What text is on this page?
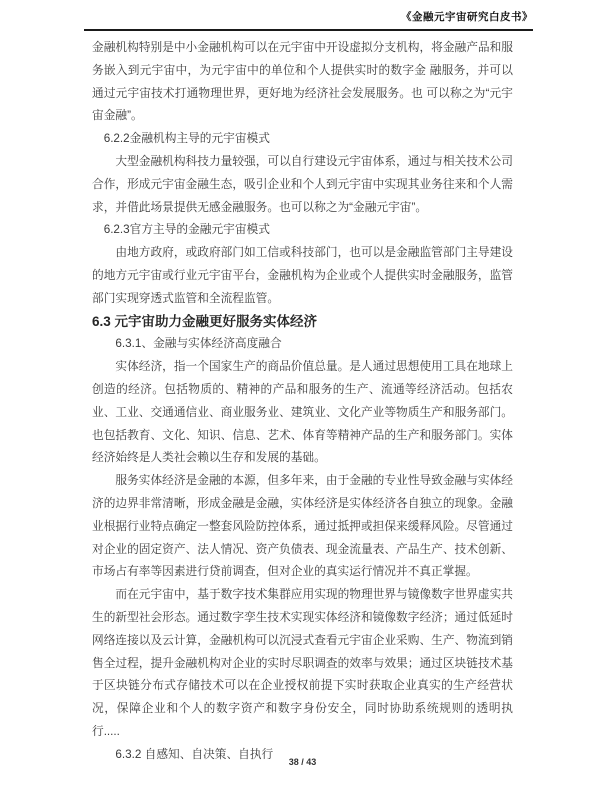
《金融元宇宙研究白皮书》

金融机构特别是中小金融机构可以在元宇宙中开设虚拟分支机构，将金融产品和服务嵌入到元宇宙中，为元宇宙中的单位和个人提供实时的数字金 融服务，并可以通过元宇宙技术打通物理世界，更好地为经济社会发展服务。也 可以称之为“元宇宙金融”。

6.2.2金融机构主导的元宇宙模式

大型金融机构科技力量较强，可以自行建设元宇宙体系，通过与相关技术公司合作，形成元宇宙金融生态，吸引企业和个人到元宇宙中实现其业务往来和个人需求，并借此场景提供无感金融服务。也可以称之为“金融元宇宙”。

6.2.3官方主导的金融元宇宙模式

由地方政府，或政府部门如工信或科技部门，也可以是金融监管部门主导建设的地方元宇宙或行业元宇宙平台，金融机构为企业或个人提供实时金融服务，监管部门实现穿透式监管和全流程监管。

6.3 元宇宙助力金融更好服务实体经济

6.3.1、金融与实体经济高度融合

实体经济，指一个国家生产的商品价值总量。是人通过思想使用工具在地球上创造的经济。包括物质的、精神的产品和服务的生产、流通等经济活动。包括农业、工业、交通通信业、商业服务业、建筑业、文化产业等物质生产和服务部门。也包括教育、文化、知识、信息、艺术、体育等精神产品的生产和服务部门。实体经济始终是人类社会赖以生存和发展的基础。

服务实体经济是金融的本源，但多年来，由于金融的专业性导致金融与实体经济的边界非常清晰，形成金融是金融，实体经济是实体经济各自独立的现象。金融业根据行业特点确定一整套风险防控体系，通过抵押或担保来缓释风险。尽管通过对企业的固定资产、法人情况、资产负债表、现金流量表、产品生产、技术创新、市场占有率等因素进行贷前调查，但对企业的真实运行情况并不真正掌握。

而在元宇宙中，基于数字技术集群应用实现的物理世界与镜像数字世界虚实共生的新型社会形态。通过数字孪生技术实现实体经济和镜像数字经济；通过低延时网络连接以及云计算，金融机构可以沉浸式查看元宇宙企业采购、生产、物流到销售全过程，提升金融机构对企业的实时尽职调查的效率与效果；通过区块链技术基于区块链分布式存储技术可以在企业授权前提下实时获取企业真实的生产经营状况，保障企业和个人的数字资产和数字身份安全，同时协助系统规则的透明执行.....

6.3.2 自感知、自决策、自执行

38 / 43
